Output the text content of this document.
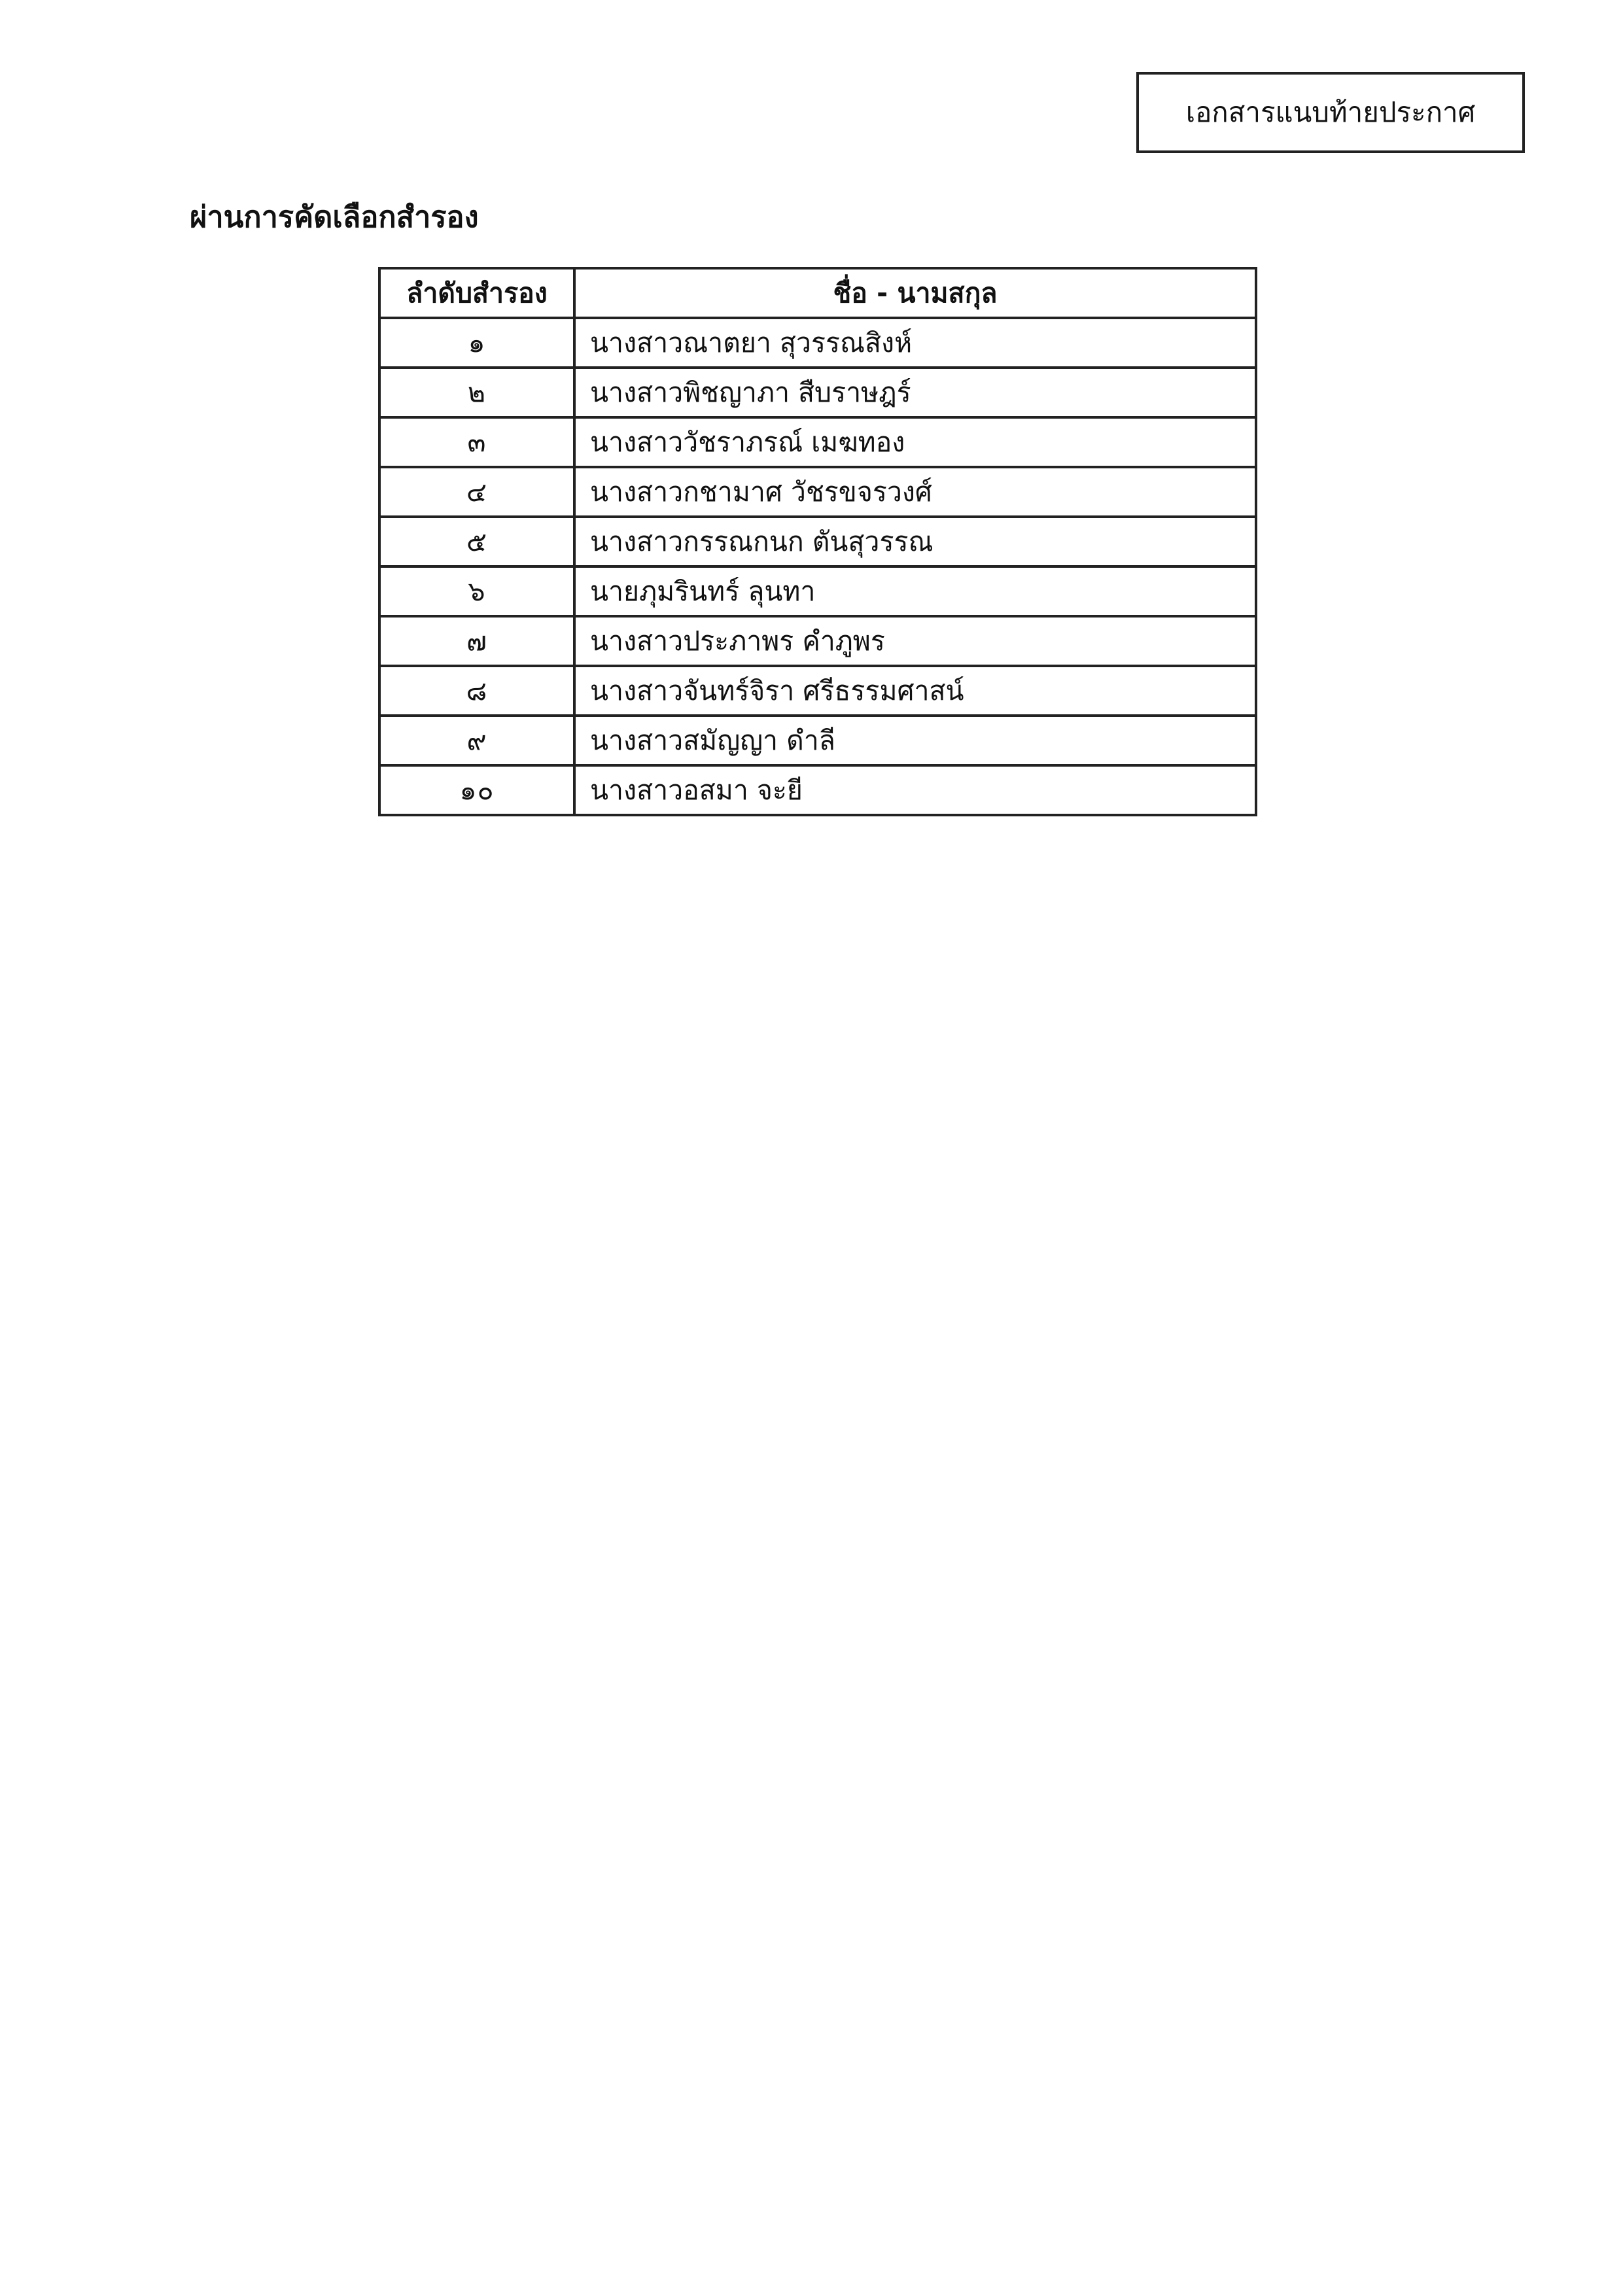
เอกสารแนบท้ายประกาศ
ผ่านการคัดเลือกสำรอง
ลำดับสำรอง	ชื่อ - นามสกุล
๑	นางสาวณาตยา สุวรรณสิงห์
๒	นางสาวพิชญาภา สืบราษฎร์
๓	นางสาววัชราภรณ์ เมฆทอง
๔	นางสาวกชามาศ วัชรขจรวงศ์
๕	นางสาวกรรณกนก ตันสุวรรณ
๖	นายภุมรินทร์ ลุนทา
๗	นางสาวประภาพร คำภูพร
๘	นางสาวจันทร์จิรา ศรีธรรมศาสน์
๙	นางสาวสมัญญา ดำลี
๑๐	นางสาวอสมา จะยี
